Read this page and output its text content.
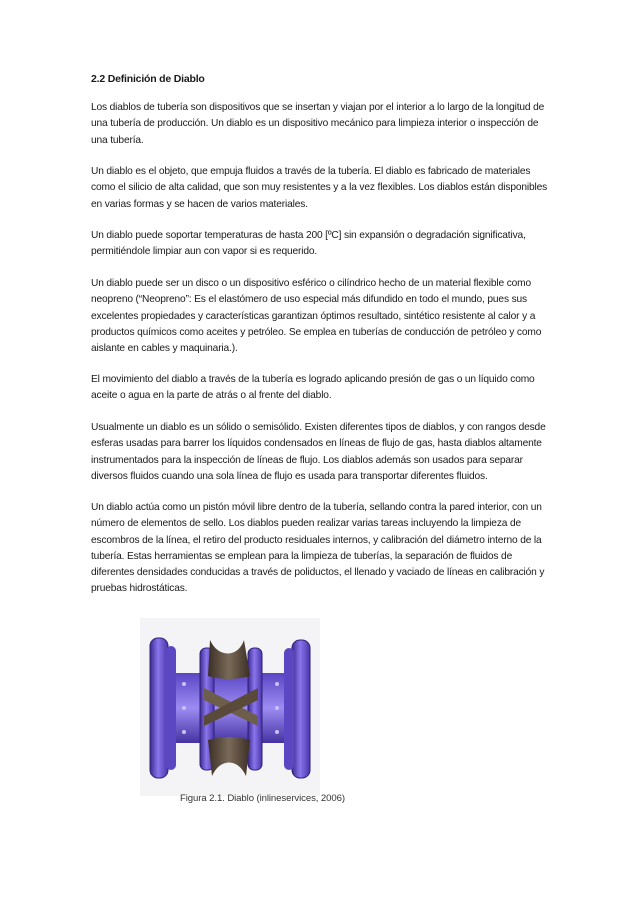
2.2 Definición de Diablo

Los diablos de tubería son dispositivos que se insertan y viajan por el interior a lo largo de la longitud de una tubería de producción. Un diablo es un dispositivo mecánico para limpieza interior o inspección de una tubería.

Un diablo es el objeto, que empuja fluidos a través de la tubería. El diablo es fabricado de materiales como el silicio de alta calidad, que son muy resistentes y a la vez flexibles. Los diablos están disponibles en varias formas y se hacen de varios materiales.

Un diablo puede soportar temperaturas de hasta 200 [ºC] sin expansión o degradación significativa, permitiéndole limpiar aun con vapor si es requerido.

Un diablo puede ser un disco o un dispositivo esférico o cilíndrico hecho de un material flexible como neopreno (“Neopreno”: Es el elastómero de uso especial más difundido en todo el mundo, pues sus excelentes propiedades y características garantizan óptimos resultado, sintético resistente al calor y a productos químicos como aceites y petróleo. Se emplea en tuberías de conducción de petróleo y como aislante en cables y maquinaria.).

El movimiento del diablo a través de la tubería es logrado aplicando presión de gas o un líquido como aceite o agua en la parte de atrás o al frente del diablo.

Usualmente un diablo es un sólido o semisólido. Existen diferentes tipos de diablos, y con rangos desde esferas usadas para barrer los líquidos condensados en líneas de flujo de gas, hasta diablos altamente instrumentados para la inspección de líneas de flujo. Los diablos además son usados para separar diversos fluidos cuando una sola línea de flujo es usada para transportar diferentes fluidos.

Un diablo actúa como un pistón móvil libre dentro de la tubería, sellando contra la pared interior, con un número de elementos de sello. Los diablos pueden realizar varias tareas incluyendo la limpieza de escombros de la línea, el retiro del producto residuales internos, y calibración del diámetro interno de la tubería. Estas herramientas se emplean para la limpieza de tuberías, la separación de fluidos de diferentes densidades conducidas a través de poliductos, el llenado y vaciado de líneas en calibración y pruebas hidrostáticas.

Figura 2.1. Diablo (inlineservices, 2006)
